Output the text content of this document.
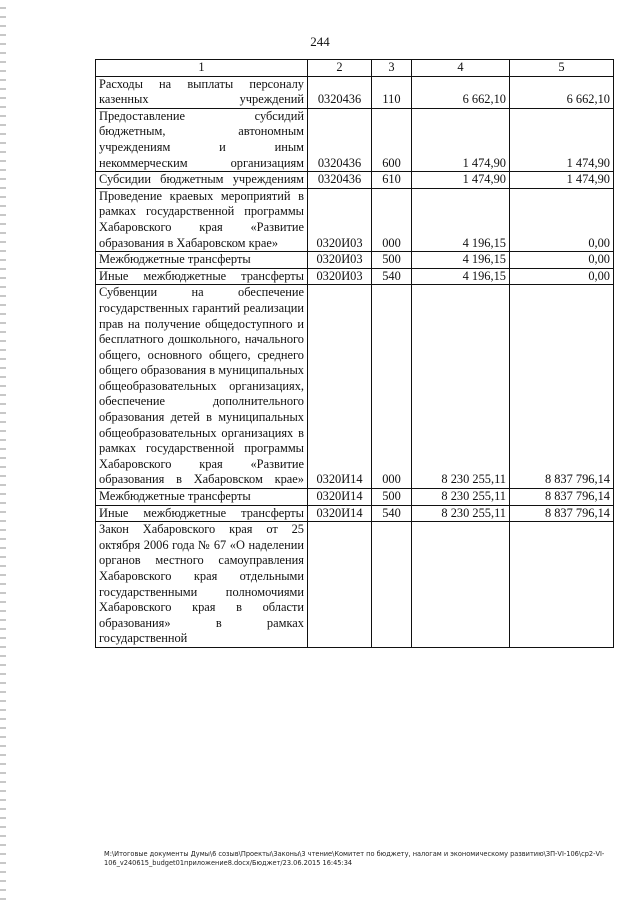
244
1	2	3	4	5
Расходы на выплаты персоналу казенных учреждений	0320436	110	6 662,10	6 662,10
Предоставление субсидий бюджетным, автономным учреждениям и иным некоммерческим организациям	0320436	600	1 474,90	1 474,90
Субсидии бюджетным учреждениям	0320436	610	1 474,90	1 474,90
Проведение краевых мероприятий в рамках государственной программы Хабаровского края «Развитие образования в Хабаровском крае»	0320И03	000	4 196,15	0,00
Межбюджетные трансферты	0320И03	500	4 196,15	0,00
Иные межбюджетные трансферты	0320И03	540	4 196,15	0,00
Субвенции на обеспечение государственных гарантий реализации прав на получение общедоступного и бесплатного дошкольного, начального общего, основного общего, среднего общего образования в муниципальных общеобразовательных организациях, обеспечение дополнительного образования детей в муниципальных общеобразовательных организациях в рамках государственной программы Хабаровского края «Развитие образования в Хабаровском крае»	0320И14	000	8 230 255,11	8 837 796,14
Межбюджетные трансферты	0320И14	500	8 230 255,11	8 837 796,14
Иные межбюджетные трансферты	0320И14	540	8 230 255,11	8 837 796,14
Закон Хабаровского края от 25 октября 2006 года № 67 «О наделении органов местного самоуправления Хабаровского края отдельными государственными полномочиями Хабаровского края в области образования» в рамках государственной				
M:\Итоговые документы Думы\6 созыв\Проекты\Законы\3 чтение\Комитет по бюджету, налогам и экономическому развитию\ЗП-VI-106\ср2-VI-106_v240615_budget01приложение8.docx/Бюджет/23.06.2015 16:45:34
